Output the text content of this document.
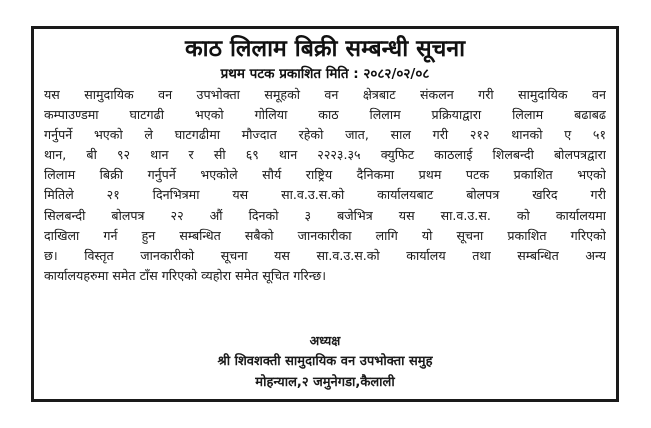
काठ लिलाम बिक्री सम्बन्धी सूचना
प्रथम पटक प्रकाशित मिति : २०८२/०२/०८
यस सामुदायिक वन उपभोक्ता समूहको वन क्षेत्रबाट संकलन गरी सामुदायिक वन
कम्पाउण्डमा घाटगढी भएको गोलिया काठ लिलाम प्रक्रियाद्वारा लिलाम बढाबढ
गर्नुपर्ने भएको ले घाटगढीमा मौज्दात रहेको जात, साल गरी २१२ थानको ए ५१
थान, बी ९२ थान र सी ६९ थान २२२३.३५ क्युफिट काठलाई शिलबन्दी बोलपत्रद्वारा
लिलाम बिक्री गर्नुपर्ने भएकोले सौर्य राष्ट्रिय दैनिकमा प्रथम पटक प्रकाशित भएको
मितिले २१ दिनभित्रमा यस सा.व.उ.स.को कार्यालयबाट बोलपत्र खरिद गरी
सिलबन्दी बोलपत्र २२ औं दिनको ३ बजेभित्र यस सा.व.उ.स. को कार्यालयमा
दाखिला गर्न हुन सम्बन्धित सबैको जानकारीका लागि यो सूचना प्रकाशित गरिएको
छ। विस्तृत जानकारीको सूचना यस सा.व.उ.स.को कार्यालय तथा सम्बन्धित अन्य
कार्यालयहरुमा समेत टाँस गरिएको व्यहोरा समेत सूचित गरिन्छ।
अध्यक्ष
श्री शिवशक्ती सामुदायिक वन उपभोक्ता समुह
मोहन्याल,२ जमुनेगडा,कैलाली
